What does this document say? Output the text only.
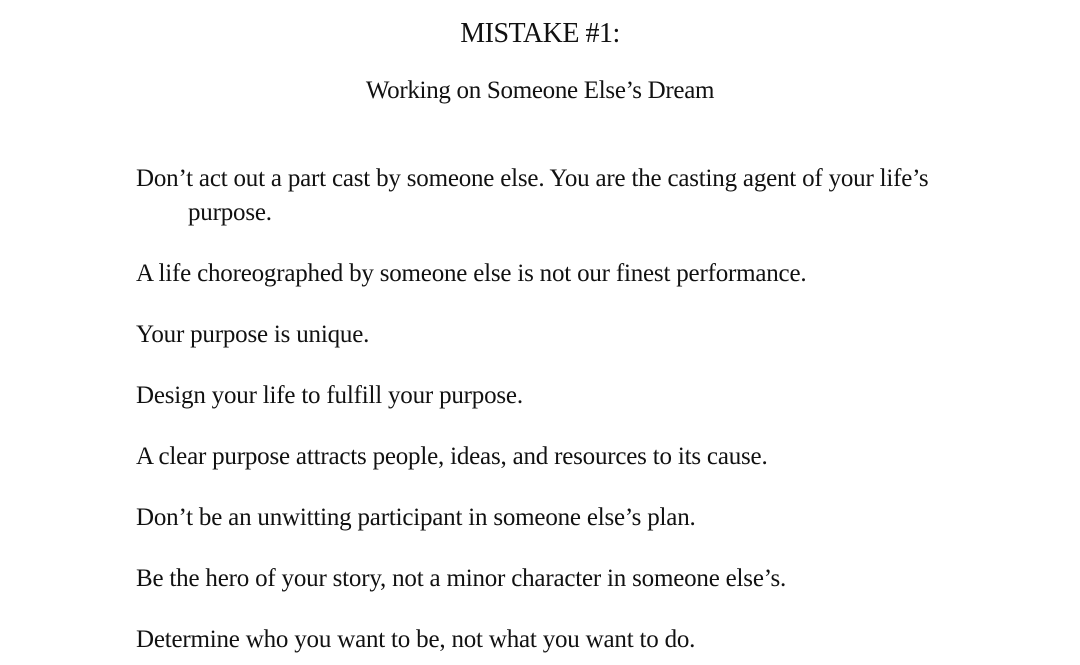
MISTAKE #1:
Working on Someone Else’s Dream
Don’t act out a part cast by someone else. You are the casting agent of your life’s purpose.
A life choreographed by someone else is not our finest performance.
Your purpose is unique.
Design your life to fulfill your purpose.
A clear purpose attracts people, ideas, and resources to its cause.
Don’t be an unwitting participant in someone else’s plan.
Be the hero of your story, not a minor character in someone else’s.
Determine who you want to be, not what you want to do.
